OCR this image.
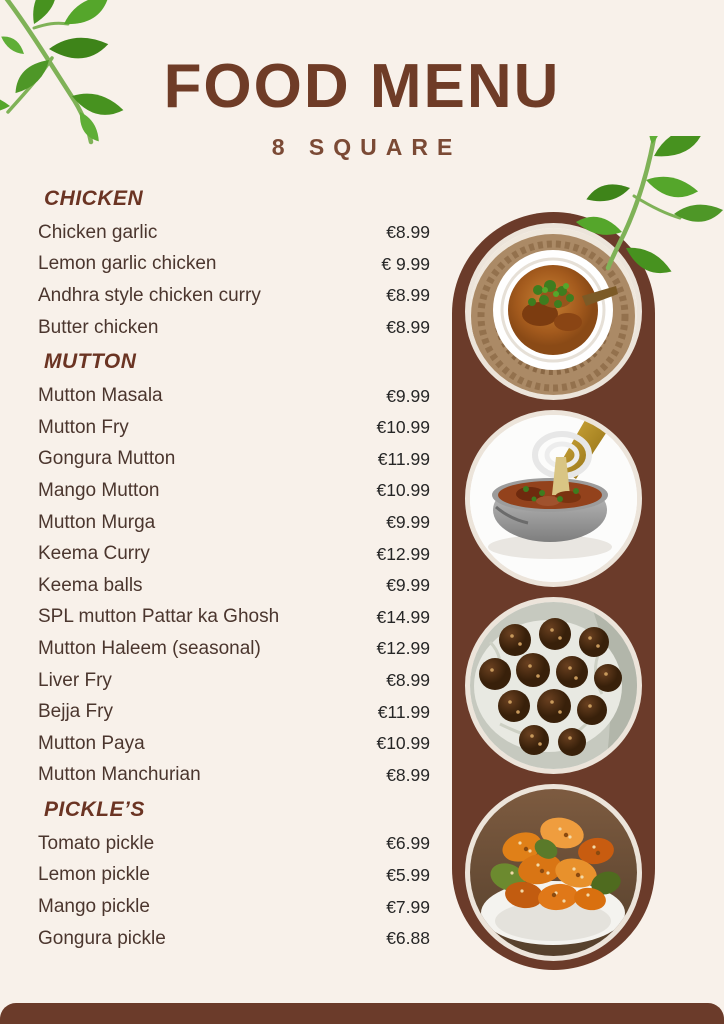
FOOD MENU
8 SQUARE
CHICKEN
Chicken garlic	€8.99
Lemon garlic chicken	€ 9.99
Andhra style chicken curry	€8.99
Butter chicken	€8.99
MUTTON
Mutton Masala	€9.99
Mutton Fry	€10.99
Gongura Mutton	€11.99
Mango Mutton	€10.99
Mutton Murga	€9.99
Keema Curry	€12.99
Keema balls	€9.99
SPL mutton Pattar ka Ghosh	€14.99
Mutton Haleem (seasonal)	€12.99
Liver Fry	€8.99
Bejja Fry	€11.99
Mutton Paya	€10.99
Mutton Manchurian	€8.99
PICKLE’S
Tomato pickle	€6.99
Lemon pickle	€5.99
Mango pickle	€7.99
Gongura pickle	€6.88
